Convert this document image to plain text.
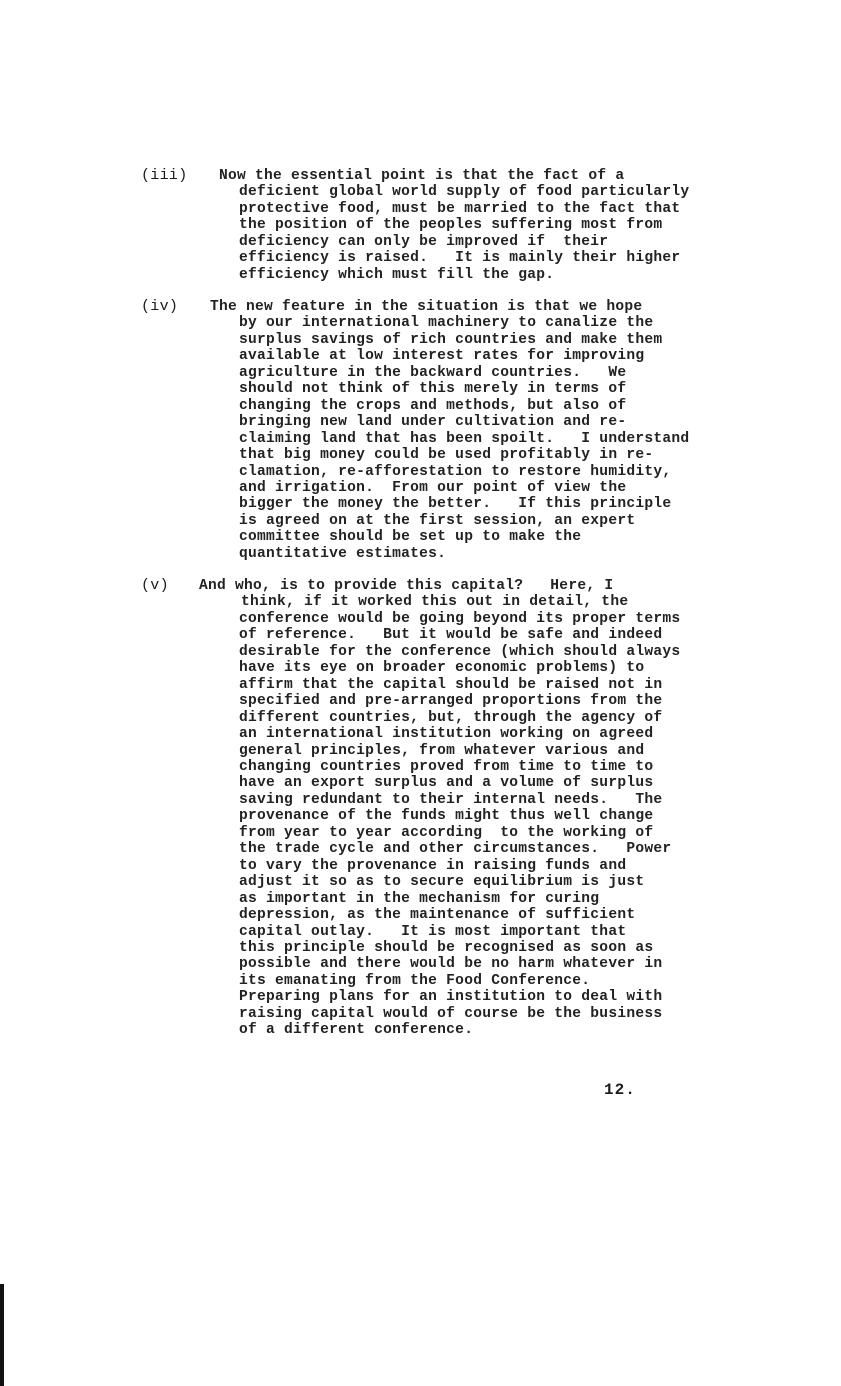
(iii) Now the essential point is that the fact of a
deficient global world supply of food particularly
protective food, must be married to the fact that
the position of the peoples suffering most from
deficiency can only be improved if  their
efficiency is raised.   It is mainly their higher
efficiency which must fill the gap.
(iv) The new feature in the situation is that we hope
by our international machinery to canalize the
surplus savings of rich countries and make them
available at low interest rates for improving
agriculture in the backward countries.   We
should not think of this merely in terms of
changing the crops and methods, but also of
bringing new land under cultivation and re-
claiming land that has been spoilt.   I understand
that big money could be used profitably in re-
clamation, re-afforestation to restore humidity,
and irrigation.  From our point of view the
bigger the money the better.   If this principle
is agreed on at the first session, an expert
committee should be set up to make the
quantitative estimates.
(v) And who, is to provide this capital?   Here, I
think, if it worked this out in detail, the
conference would be going beyond its proper terms
of reference.   But it would be safe and indeed
desirable for the conference (which should always
have its eye on broader economic problems) to
affirm that the capital should be raised not in
specified and pre-arranged proportions from the
different countries, but, through the agency of
an international institution working on agreed
general principles, from whatever various and
changing countries proved from time to time to
have an export surplus and a volume of surplus
saving redundant to their internal needs.   The
provenance of the funds might thus well change
from year to year according  to the working of
the trade cycle and other circumstances.   Power
to vary the provenance in raising funds and
adjust it so as to secure equilibrium is just
as important in the mechanism for curing
depression, as the maintenance of sufficient
capital outlay.   It is most important that
this principle should be recognised as soon as
possible and there would be no harm whatever in
its emanating from the Food Conference.
Preparing plans for an institution to deal with
raising capital would of course be the business
of a different conference.
12.
